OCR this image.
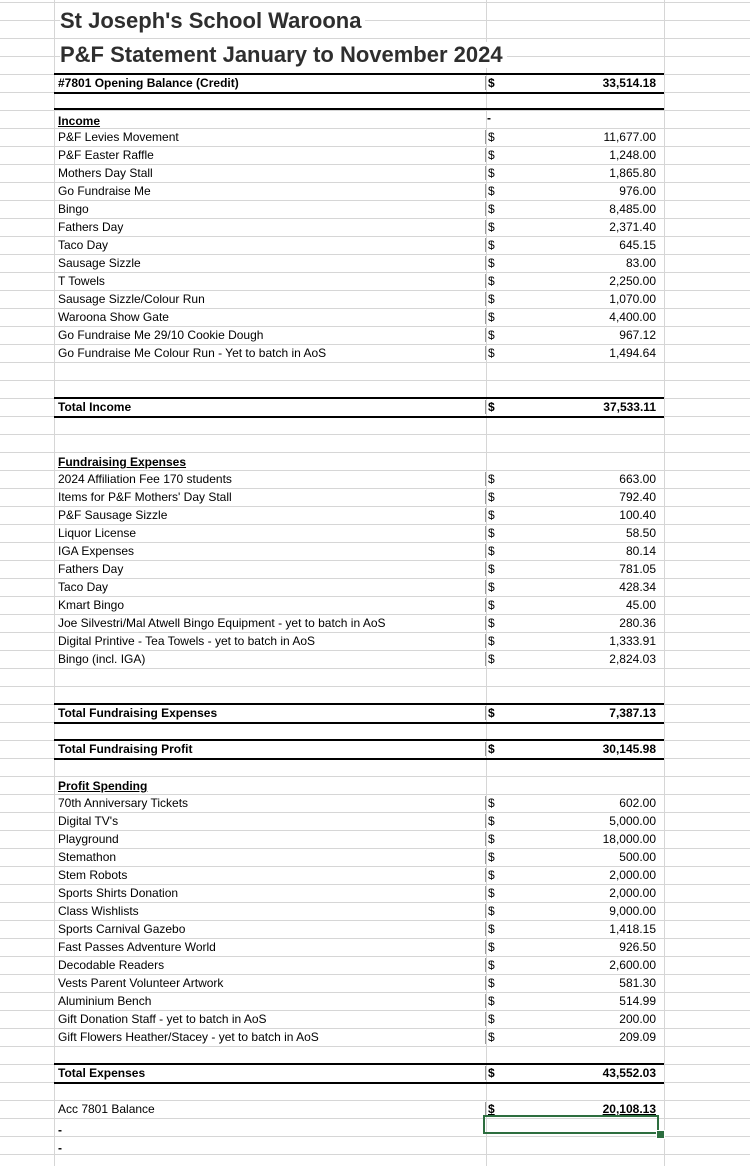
St Joseph's School Waroona
P&F Statement January to November 2024
#7801 Opening Balance (Credit)	$	33,514.18
Income	-
P&F Levies Movement	$	11,677.00
P&F Easter Raffle	$	1,248.00
Mothers Day Stall	$	1,865.80
Go Fundraise Me	$	976.00
Bingo	$	8,485.00
Fathers Day	$	2,371.40
Taco Day	$	645.15
Sausage Sizzle	$	83.00
T Towels	$	2,250.00
Sausage Sizzle/Colour Run	$	1,070.00
Waroona Show Gate	$	4,400.00
Go Fundraise Me 29/10 Cookie Dough	$	967.12
Go Fundraise Me Colour Run - Yet to batch in AoS	$	1,494.64
Total Income	$	37,533.11
Fundraising Expenses
2024 Affiliation Fee 170 students	$	663.00
Items for P&F Mothers' Day Stall	$	792.40
P&F Sausage Sizzle	$	100.40
Liquor License	$	58.50
IGA Expenses	$	80.14
Fathers Day	$	781.05
Taco Day	$	428.34
Kmart Bingo	$	45.00
Joe Silvestri/Mal Atwell Bingo Equipment - yet to batch in AoS	$	280.36
Digital Printive - Tea Towels - yet to batch in AoS	$	1,333.91
Bingo (incl. IGA)	$	2,824.03
Total Fundraising Expenses	$	7,387.13
Total Fundraising Profit	$	30,145.98
Profit Spending
70th Anniversary Tickets	$	602.00
Digital TV's	$	5,000.00
Playground	$	18,000.00
Stemathon	$	500.00
Stem Robots	$	2,000.00
Sports Shirts Donation	$	2,000.00
Class Wishlists	$	9,000.00
Sports Carnival Gazebo	$	1,418.15
Fast Passes Adventure World	$	926.50
Decodable Readers	$	2,600.00
Vests Parent Volunteer Artwork	$	581.30
Aluminium Bench	$	514.99
Gift Donation Staff - yet to batch in AoS	$	200.00
Gift Flowers Heather/Stacey - yet to batch in AoS	$	209.09
Total Expenses	$	43,552.03
Acc 7801 Balance	$	20,108.13
-
-
